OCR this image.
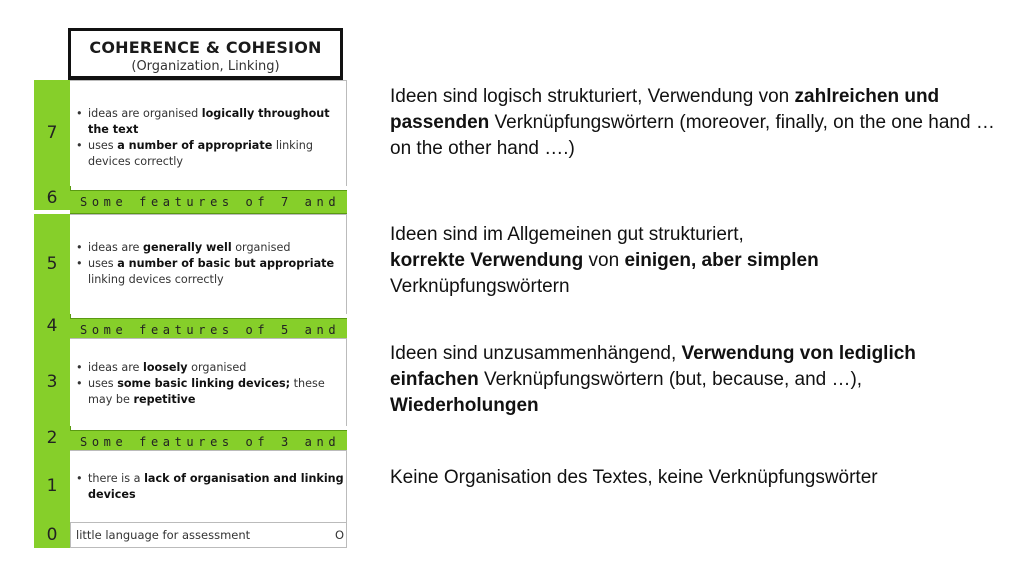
COHERENCE & COHESION
(Organization, Linking)
7
• ideas are organised logically throughout the text
• uses a number of appropriate linking devices correctly
6	Some features of 7 and
5
• ideas are generally well organised
• uses a number of basic but appropriate linking devices correctly
4	Some features of 5 and
3
• ideas are loosely organised
• uses some basic linking devices; these may be repetitive
2	Some features of 3 and
1
•	there is a lack of organisation and linking devices
0	little language for assessment	O
Ideen sind logisch strukturiert, Verwendung von zahlreichen und passenden Verknüpfungswörtern (moreover, finally, on the one hand … on the other hand ….)
Ideen sind im Allgemeinen gut strukturiert,
korrekte Verwendung von einigen, aber simplen
Verknüpfungswörtern
Ideen sind unzusammenhängend, Verwendung von lediglich einfachen Verknüpfungswörtern (but, because, and …),
Wiederholungen
Keine Organisation des Textes, keine Verknüpfungswörter
